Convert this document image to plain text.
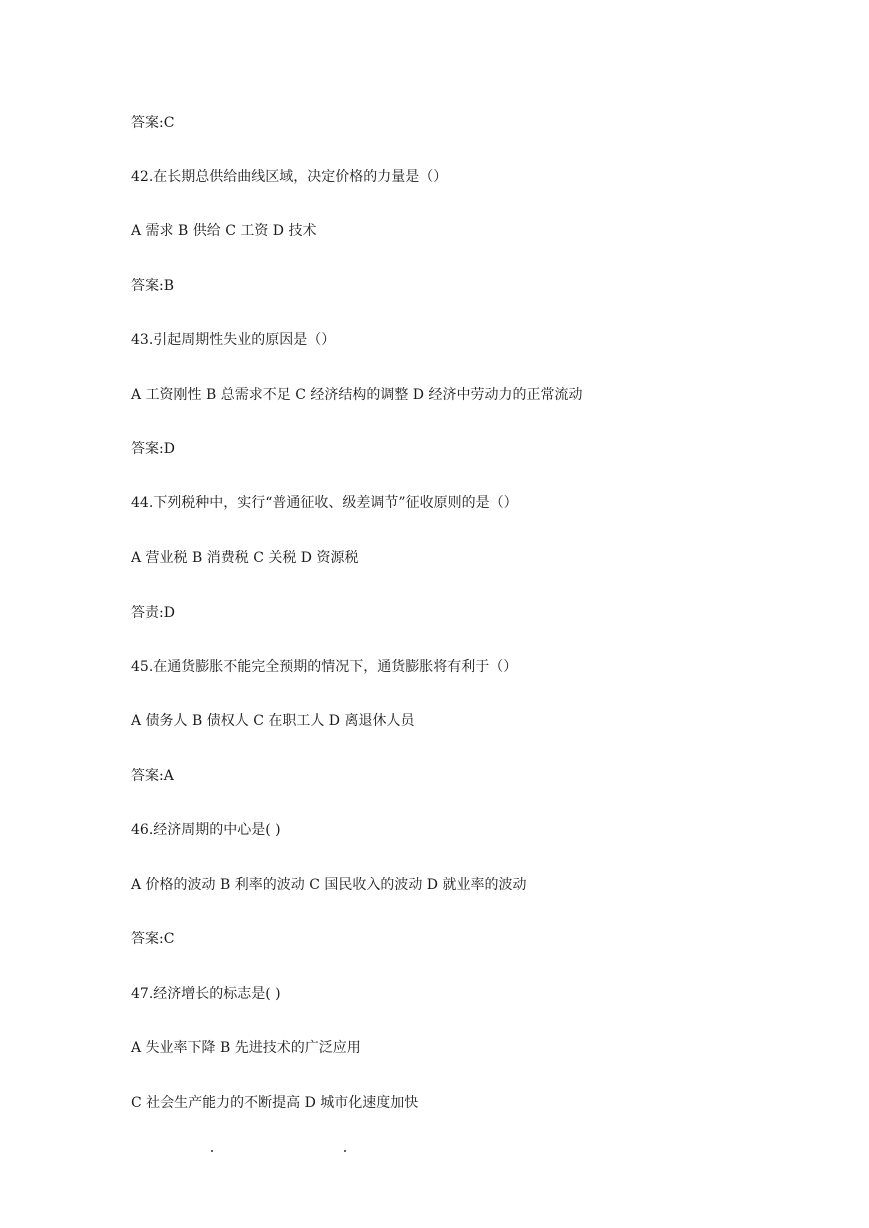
答案:C
42.在长期总供给曲线区域，决定价格的力量是（）
A 需求 B 供给 C 工资 D 技术
答案:B
43.引起周期性失业的原因是（）
A 工资刚性 B 总需求不足 C 经济结构的调整 D 经济中劳动力的正常流动
答案:D
44.下列税种中，实行“普通征收、级差调节”征收原则的是（）
A 营业税 B 消费税 C 关税 D 资源税
答责:D
45.在通货膨胀不能完全预期的情况下，通货膨胀将有利于（）
A 债务人 B 债权人 C 在职工人 D 离退休人员
答案:A
46.经济周期的中心是( )
A 价格的波动 B 利率的波动 C 国民收入的波动 D 就业率的波动
答案:C
47.经济增长的标志是( )
A 失业率下降 B 先进技术的广泛应用
C 社会生产能力的不断提高 D 城市化速度加快
